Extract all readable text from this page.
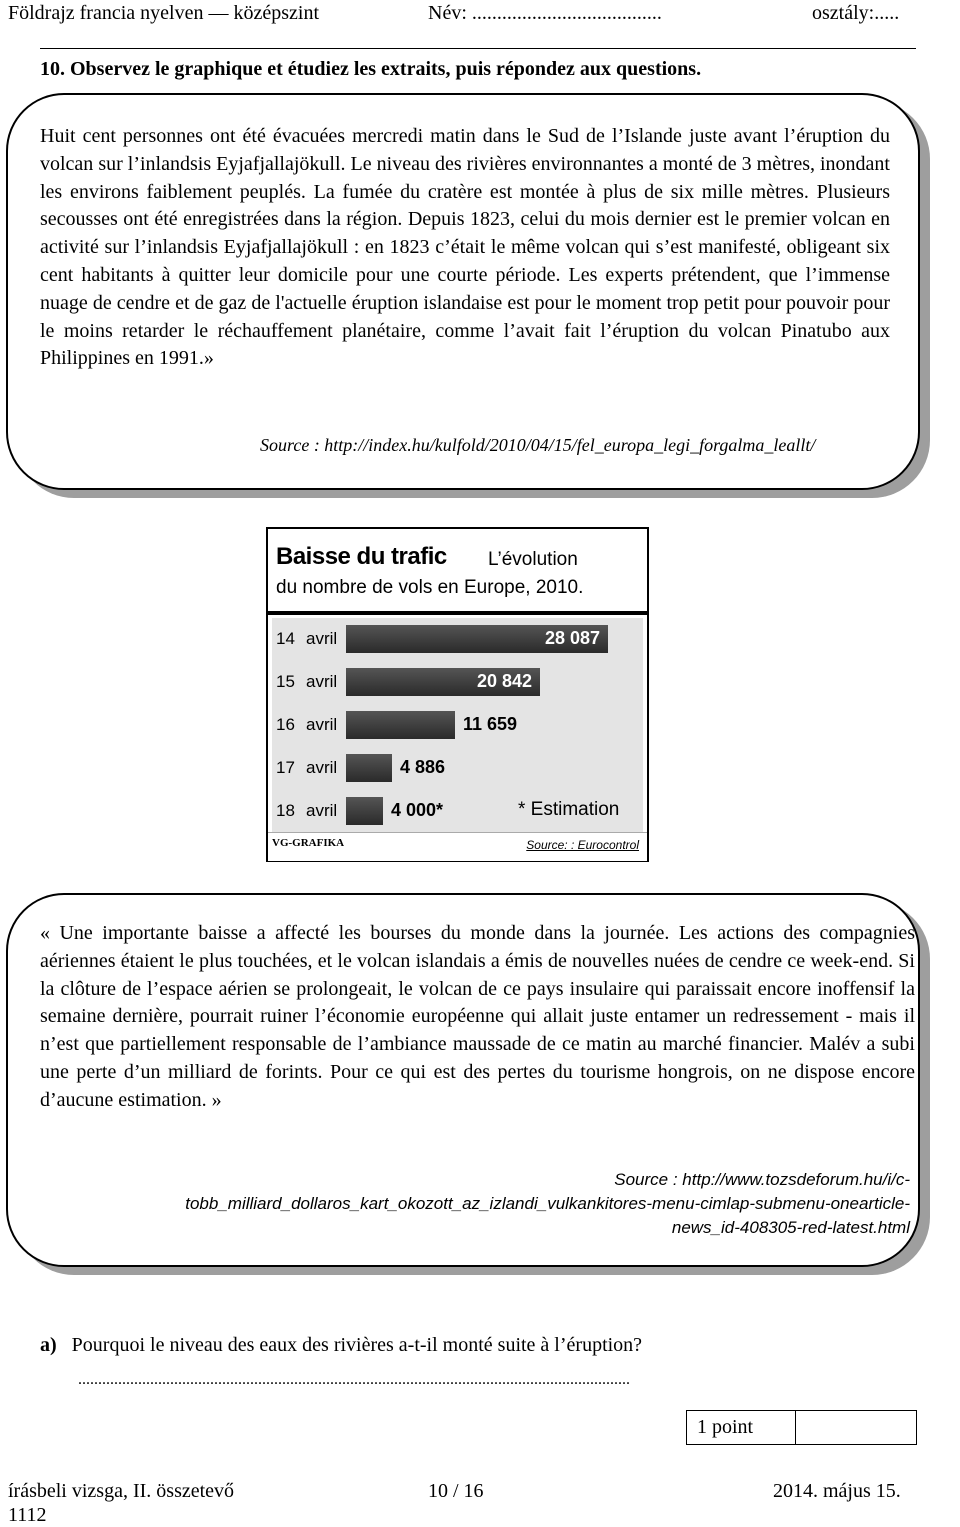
Földrajz francia nyelven — középszint	Név: ......................................	osztály:.....
10. Observez le graphique et étudiez les extraits, puis répondez aux questions.
Huit cent personnes ont été évacuées mercredi matin dans le Sud de l’Islande juste avant l’éruption du volcan sur l’inlandsis Eyjafjallajökull. Le niveau des rivières environnantes a monté de 3 mètres, inondant les environs faiblement peuplés. La fumée du cratère est montée à plus de six mille mètres. Plusieurs secousses ont été enregistrées dans la région. Depuis 1823, celui du mois dernier est le premier volcan en activité sur l’inlandsis Eyjafjallajökull : en 1823 c’était le même volcan qui s’est manifesté, obligeant six cent habitants à quitter leur domicile pour une courte période. Les experts prétendent, que l’immense nuage de cendre et de gaz de l'actuelle éruption islandaise est pour le moment trop petit pour pouvoir pour le moins retarder le réchauffement planétaire, comme l’avait fait l’éruption du volcan Pinatubo aux Philippines en 1991.»
Source : http://index.hu/kulfold/2010/04/15/fel_europa_legi_forgalma_leallt/
Baisse du trafic L’évolution
du nombre de vols en Europe, 2010.
* Estimation
VG-GRAFIKA	Source: : Eurocontrol
14 avril	28 087
15 avril	20 842
16 avril	11 659
17 avril	4 886
18 avril	4 000*
« Une importante baisse a affecté les bourses du monde dans la journée. Les actions des compagnies aériennes étaient le plus touchées, et le volcan islandais a émis de nouvelles nuées de cendre ce week-end. Si la clôture de l’espace aérien se prolongeait, le volcan de ce pays insulaire qui paraissait encore inoffensif la semaine dernière, pourrait ruiner l’économie européenne qui allait juste entamer un redressement - mais il n’est que partiellement responsable de l’ambiance maussade de ce matin au marché financier. Malév a subi une perte d’un milliard de forints. Pour ce qui est des pertes du tourisme hongrois, on ne dispose encore d’aucune estimation. »
Source : http://www.tozsdeforum.hu/i/c-
tobb_milliard_dollaros_kart_okozott_az_izlandi_vulkankitores-menu-cimlap-submenu-onearticle-
news_id-408305-red-latest.html
a) Pourquoi le niveau des eaux des rivières a-t-il monté suite à l’éruption?
..........................................................................................................................................
1 point
írásbeli vizsga, II. összetevő
1112
10 / 16	2014. május 15.
